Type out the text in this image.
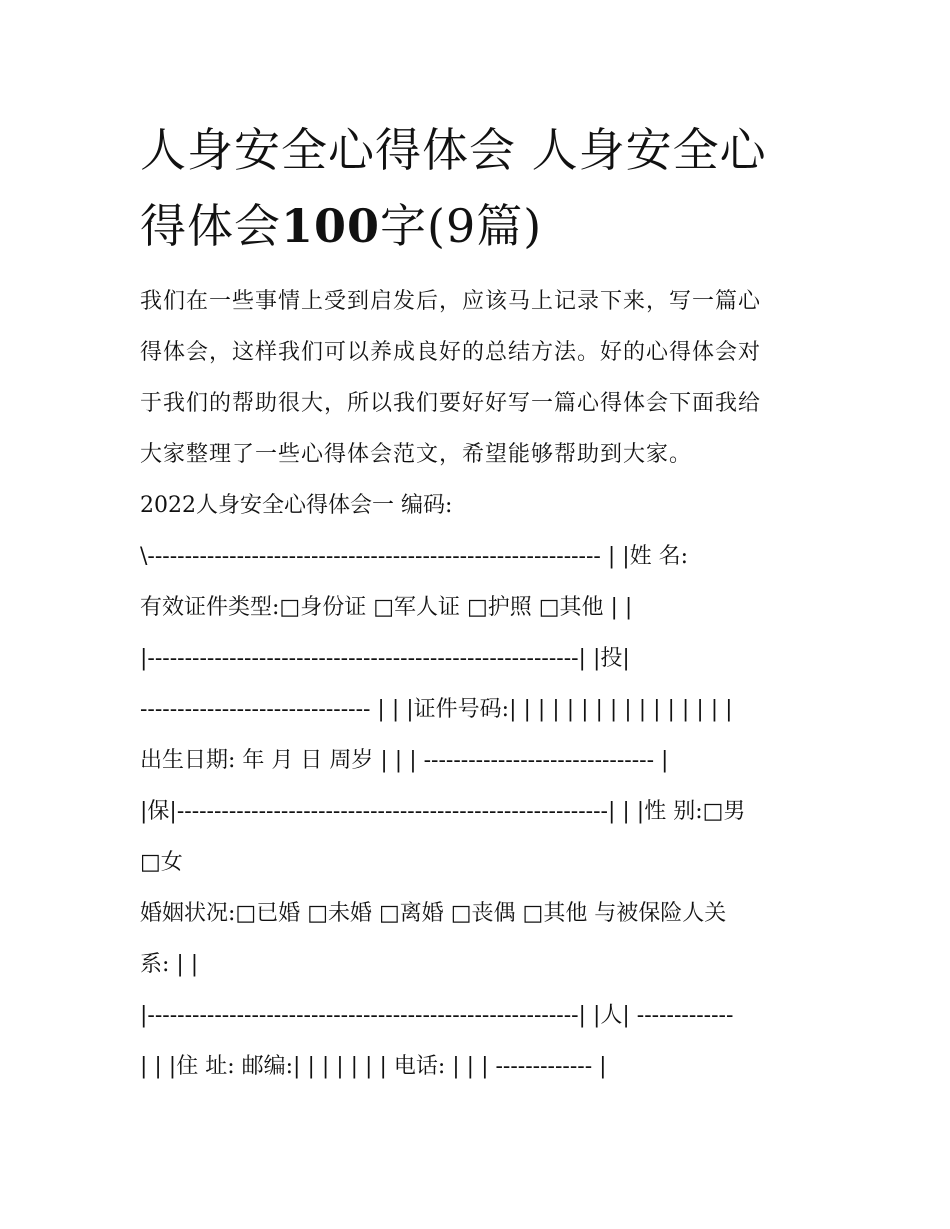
人身安全心得体会 人身安全心
得体会100字(9篇)
我们在一些事情上受到启发后，应该马上记录下来，写一篇心
得体会，这样我们可以养成良好的总结方法。好的心得体会对
于我们的帮助很大，所以我们要好好写一篇心得体会下面我给
大家整理了一些心得体会范文，希望能够帮助到大家。
2022人身安全心得体会一 编码:
\------------------------------------------------------------- | |姓 名:
有效证件类型:□身份证 □军人证 □护照 □其他 | |
|----------------------------------------------------------| |投|
------------------------------- | | |证件号码:| | | | | | | | | | | | | | | |
出生日期: 年 月 日 周岁 | | | ------------------------------- |
|保|----------------------------------------------------------| | |性 别:□男
□女
婚姻状况:□已婚 □未婚 □离婚 □丧偶 □其他 与被保险人关
系: | |
|----------------------------------------------------------| |人| -------------
| | |住 址: 邮编:| | | | | | | 电话: | | | ------------- |
